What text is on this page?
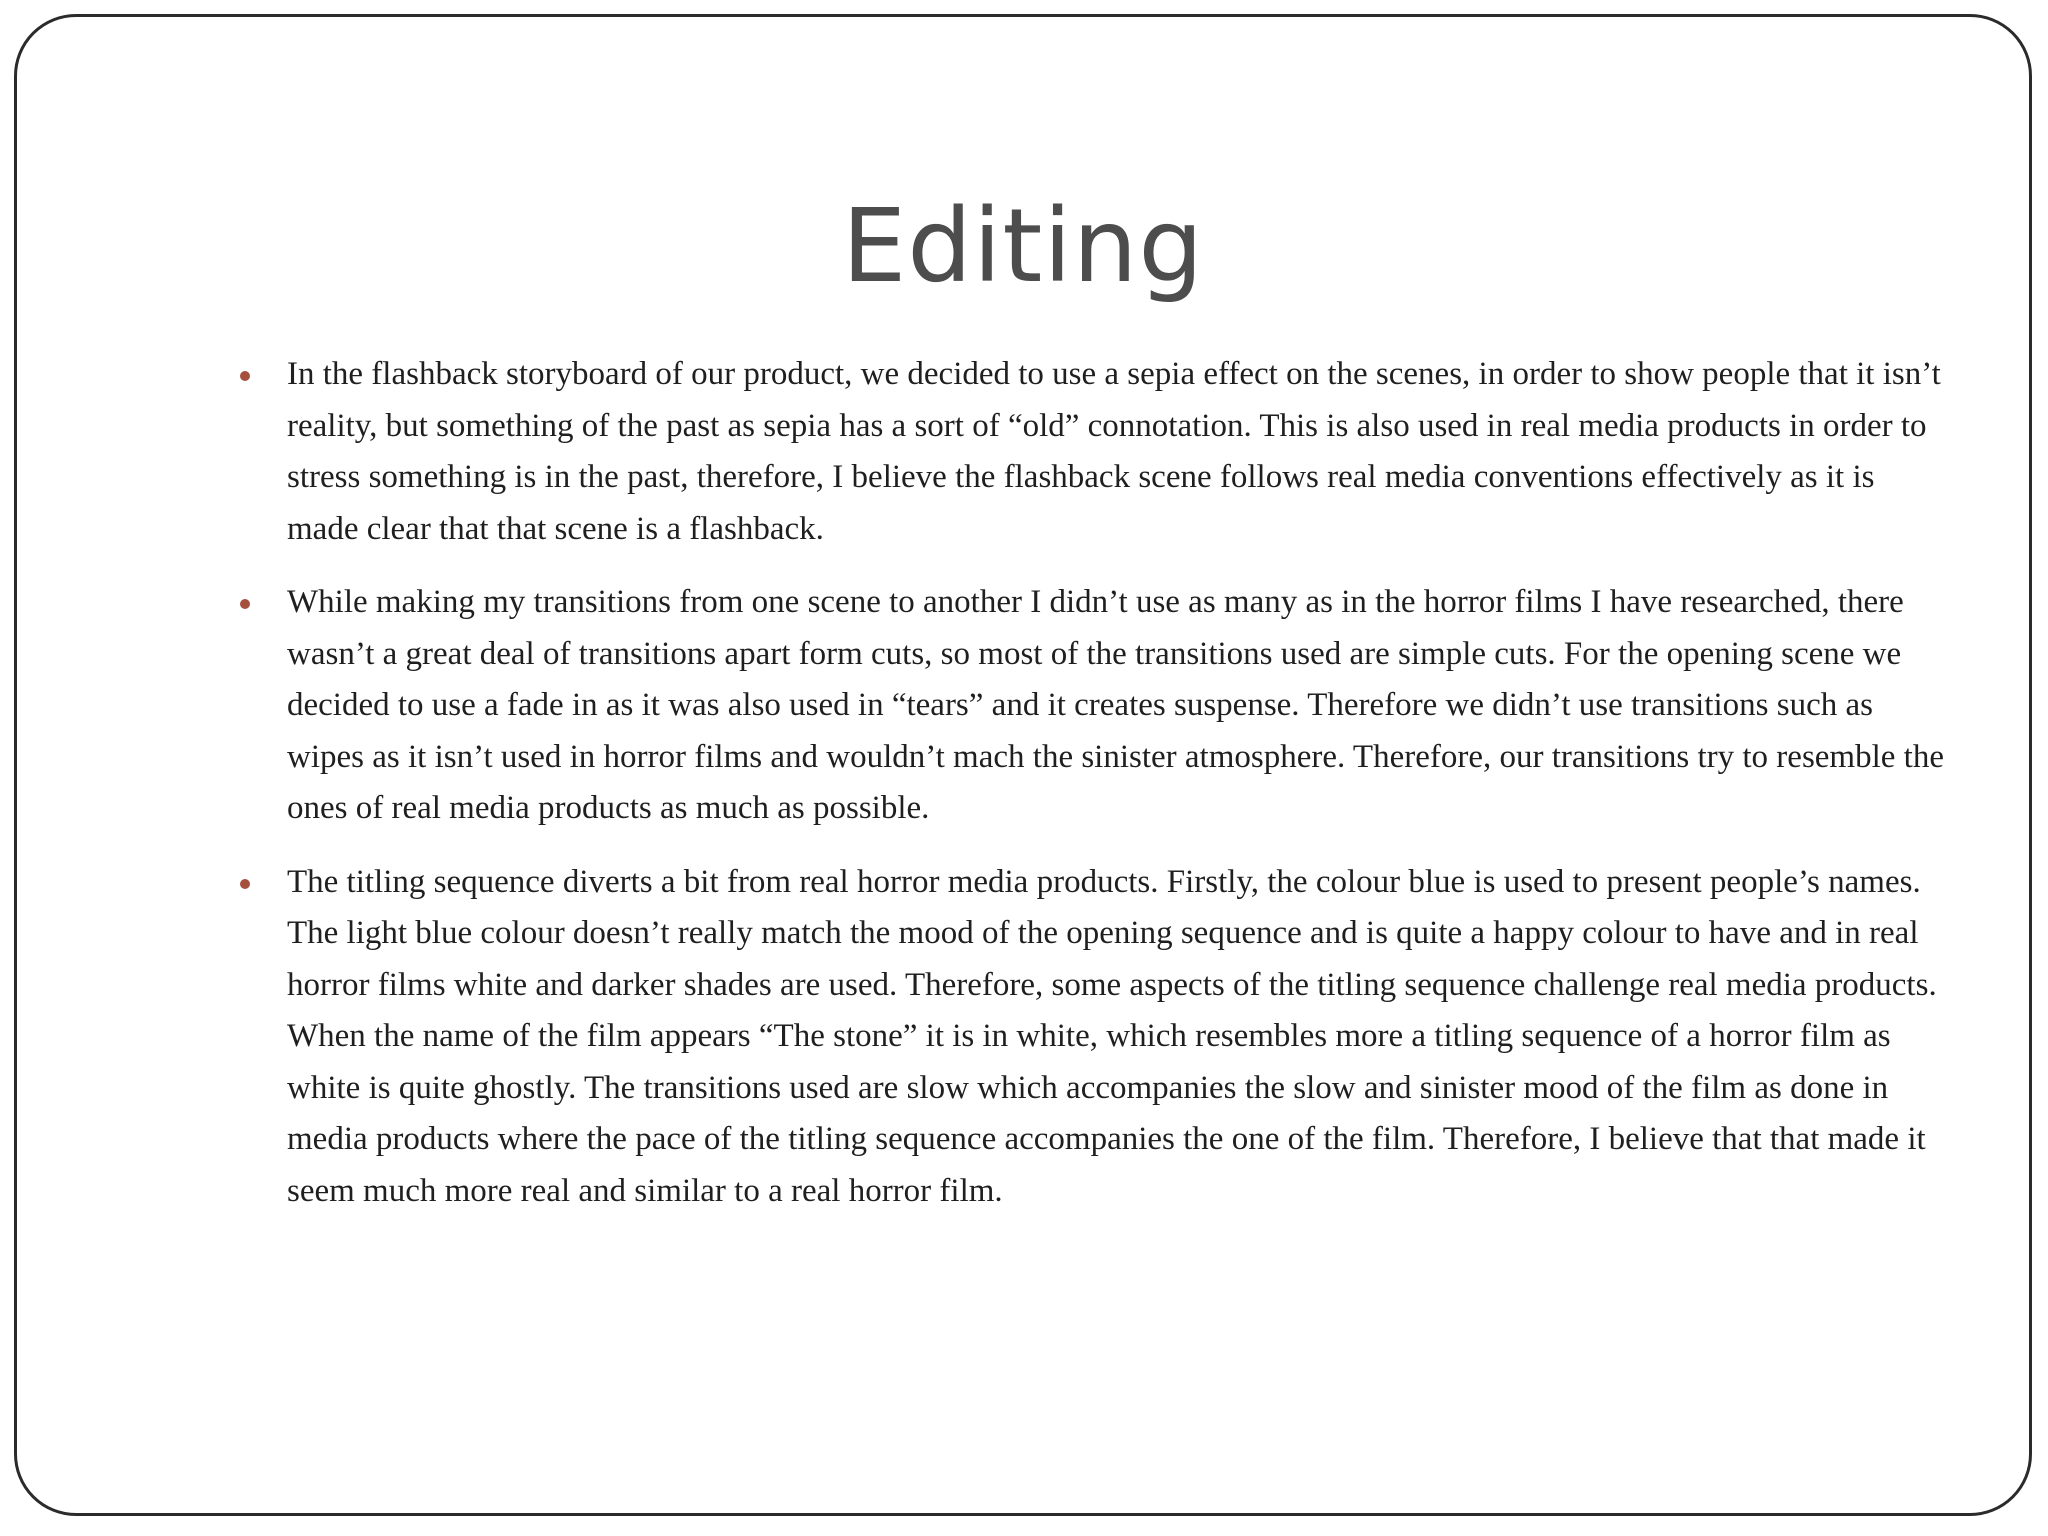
Editing

In the flashback storyboard of our product, we decided to use a sepia effect on the scenes, in order to show people that it isn’t reality, but something of the past as sepia has a sort of “old” connotation. This is also used in real media products in order to stress something is in the past, therefore, I believe the flashback scene follows real media conventions effectively as it is made clear that that scene is a flashback.

While making my transitions from one scene to another I didn’t use as many as in the horror films I have researched, there wasn’t a great deal of transitions apart form cuts, so most of the transitions used are simple cuts. For the opening scene we decided to use a fade in as it was also used in “tears” and it creates suspense. Therefore we didn’t use transitions such as wipes as it isn’t used in horror films and wouldn’t mach the sinister atmosphere. Therefore, our transitions try to resemble the ones of real media products as much as possible.

The titling sequence diverts a bit from real horror media products. Firstly, the colour blue is used to present people’s names. The light blue colour doesn’t really match the mood of the opening sequence and is quite a happy colour to have and in real horror films white and darker shades are used. Therefore, some aspects of the titling sequence challenge real media products. When the name of the film appears “The stone” it is in white, which resembles more a titling sequence of a horror film as white is quite ghostly. The transitions used are slow which accompanies the slow and sinister mood of the film as done in media products where the pace of the titling sequence accompanies the one of the film. Therefore, I believe that that made it seem much more real and similar to a real horror film.
